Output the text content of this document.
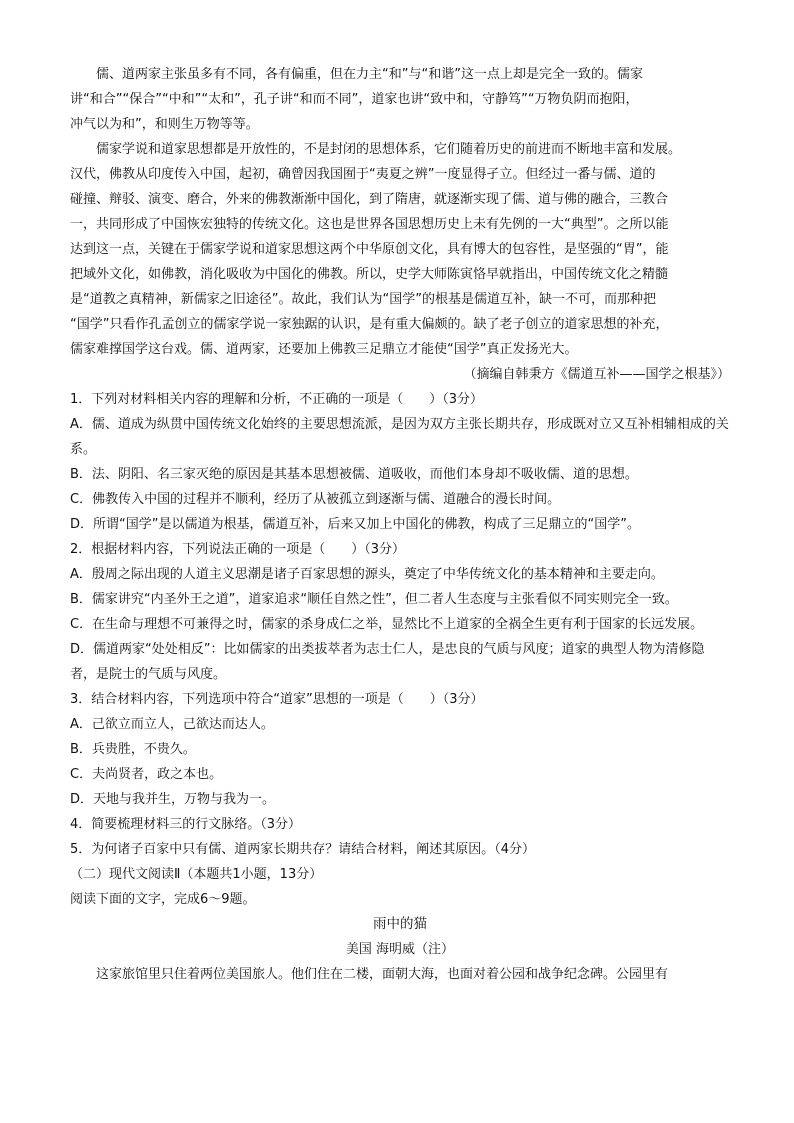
儒、道两家主张虽多有不同，各有偏重，但在力主“和”与“和谐”这一点上却是完全一致的。儒家
讲“和合”“保合”“中和”“太和”，孔子讲“和而不同”，道家也讲“致中和，守静笃”“万物负阴而抱阳，
冲气以为和”，和则生万物等等。
儒家学说和道家思想都是开放性的，不是封闭的思想体系，它们随着历史的前进而不断地丰富和发展。
汉代，佛教从印度传入中国，起初，确曾因我国囿于“夷夏之辨”一度显得孑立。但经过一番与儒、道的
碰撞、辩驳、演变、磨合，外来的佛教渐渐中国化，到了隋唐，就逐渐实现了儒、道与佛的融合，三教合
一，共同形成了中国恢宏独特的传统文化。这也是世界各国思想历史上未有先例的一大“典型”。之所以能
达到这一点，关键在于儒家学说和道家思想这两个中华原创文化，具有博大的包容性，是坚强的“胃”，能
把域外文化，如佛教，消化吸收为中国化的佛教。所以，史学大师陈寅恪早就指出，中国传统文化之精髓
是“道教之真精神，新儒家之旧途径”。故此，我们认为“国学”的根基是儒道互补，缺一不可，而那种把
“国学”只看作孔孟创立的儒家学说一家独踞的认识，是有重大偏颇的。缺了老子创立的道家思想的补充，
儒家难撑国学这台戏。儒、道两家，还要加上佛教三足鼎立才能使“国学”真正发扬光大。
（摘编自韩秉方《儒道互补——国学之根基》）
1．下列对材料相关内容的理解和分析，不正确的一项是（　　）（3分）
A．儒、道成为纵贯中国传统文化始终的主要思想流派，是因为双方主张长期共存，形成既对立又互补相辅相成的关系。
B．法、阴阳、名三家灭绝的原因是其基本思想被儒、道吸收，而他们本身却不吸收儒、道的思想。
C．佛教传入中国的过程并不顺利，经历了从被孤立到逐渐与儒、道融合的漫长时间。
D．所谓“国学”是以儒道为根基，儒道互补，后来又加上中国化的佛教，构成了三足鼎立的“国学”。
2．根据材料内容，下列说法正确的一项是（　　）（3分）
A．殷周之际出现的人道主义思潮是诸子百家思想的源头，奠定了中华传统文化的基本精神和主要走向。
B．儒家讲究“内圣外王之道”，道家追求“顺任自然之性”，但二者人生态度与主张看似不同实则完全一致。
C．在生命与理想不可兼得之时，儒家的杀身成仁之举，显然比不上道家的全祸全生更有利于国家的长远发展。
D．儒道两家“处处相反”：比如儒家的出类拔萃者为志士仁人，是忠良的气质与风度；道家的典型人物为清修隐者，是院士的气质与风度。
3．结合材料内容，下列选项中符合“道家”思想的一项是（　　）（3分）
A．己欲立而立人，己欲达而达人。
B．兵贵胜，不贵久。
C．夫尚贤者，政之本也。
D．天地与我并生，万物与我为一。
4．简要梳理材料三的行文脉络。（3分）
5．为何诸子百家中只有儒、道两家长期共存？请结合材料，阐述其原因。（4分）
（二）现代文阅读Ⅱ（本题共1小题，13分）
阅读下面的文字，完成6～9题。
雨中的猫
美国 海明威（注）
这家旅馆里只住着两位美国旅人。他们住在二楼，面朝大海，也面对着公园和战争纪念碑。公园里有
